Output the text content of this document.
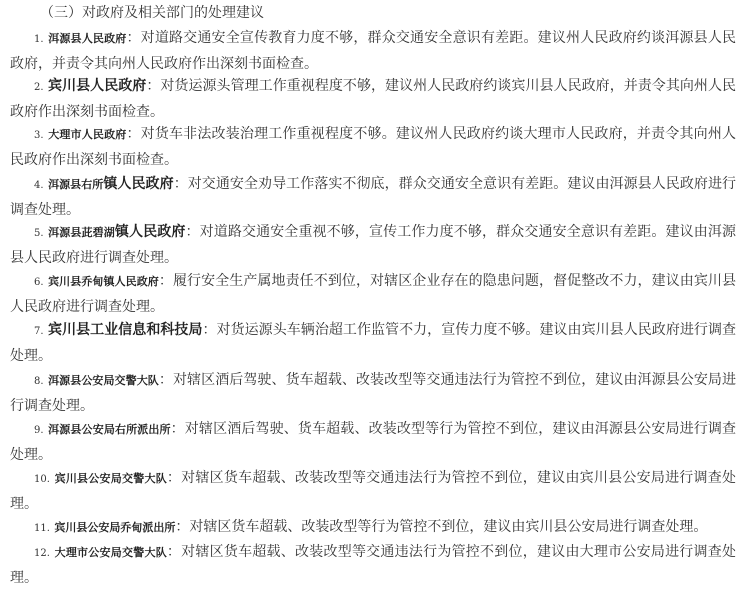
（三）对政府及相关部门的处理建议

1. 洱源县人民政府：对道路交通安全宣传教育力度不够，群众交通安全意识有差距。建议州人民政府约谈洱源县人民政府，并责令其向州人民政府作出深刻书面检查。

2. 宾川县人民政府：对货运源头管理工作重视程度不够，建议州人民政府约谈宾川县人民政府，并责令其向州人民政府作出深刻书面检查。

3. 大理市人民政府：对货车非法改装治理工作重视程度不够。建议州人民政府约谈大理市人民政府，并责令其向州人民政府作出深刻书面检查。

4. 洱源县右所镇人民政府：对交通安全劝导工作落实不彻底，群众交通安全意识有差距。建议由洱源县人民政府进行调查处理。

5. 洱源县茈碧湖镇人民政府：对道路交通安全重视不够，宣传工作力度不够，群众交通安全意识有差距。建议由洱源县人民政府进行调查处理。

6. 宾川县乔甸镇人民政府：履行安全生产属地责任不到位，对辖区企业存在的隐患问题，督促整改不力，建议由宾川县人民政府进行调查处理。

7. 宾川县工业信息和科技局：对货运源头车辆治超工作监管不力，宣传力度不够。建议由宾川县人民政府进行调查处理。

8. 洱源县公安局交警大队：对辖区酒后驾驶、货车超载、改装改型等交通违法行为管控不到位，建议由洱源县公安局进行调查处理。

9. 洱源县公安局右所派出所：对辖区酒后驾驶、货车超载、改装改型等行为管控不到位，建议由洱源县公安局进行调查处理。

10. 宾川县公安局交警大队：对辖区货车超载、改装改型等交通违法行为管控不到位，建议由宾川县公安局进行调查处理。

11. 宾川县公安局乔甸派出所：对辖区货车超载、改装改型等行为管控不到位，建议由宾川县公安局进行调查处理。

12. 大理市公安局交警大队：对辖区货车超载、改装改型等交通违法行为管控不到位，建议由大理市公安局进行调查处理。
